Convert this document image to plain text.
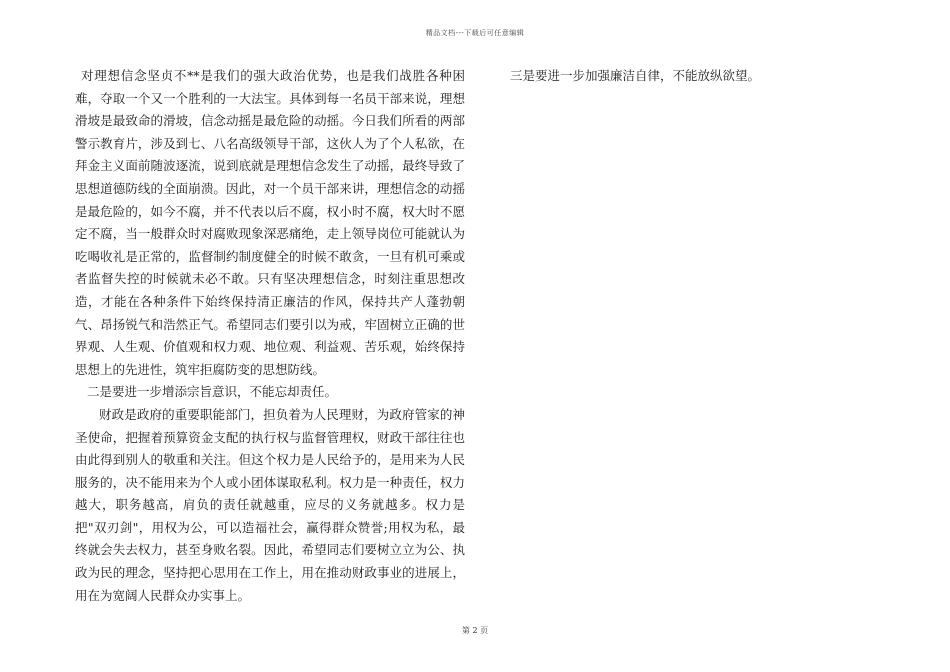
精品文档---下载后可任意编辑

对理想信念坚贞不**是我们的强大政治优势，也是我们战胜各种困难，夺取一个又一个胜利的一大法宝。具体到每一名员干部来说，理想滑坡是最致命的滑坡，信念动摇是最危险的动摇。今日我们所看的两部警示教育片，涉及到七、八名高级领导干部，这伙人为了个人私欲，在拜金主义面前随波逐流，说到底就是理想信念发生了动摇，最终导致了思想道德防线的全面崩溃。因此，对一个员干部来讲，理想信念的动摇是最危险的，如今不腐，并不代表以后不腐，权小时不腐，权大时不愿定不腐，当一般群众时对腐败现象深恶痛绝，走上领导岗位可能就认为吃喝收礼是正常的，监督制约制度健全的时候不敢贪，一旦有机可乘或者监督失控的时候就未必不敢。只有坚决理想信念，时刻注重思想改造，才能在各种条件下始终保持清正廉洁的作风，保持共产人蓬勃朝气、昂扬锐气和浩然正气。希望同志们要引以为戒，牢固树立正确的世界观、人生观、价值观和权力观、地位观、利益观、苦乐观，始终保持思想上的先进性，筑牢拒腐防变的思想防线。

二是要进一步增添宗旨意识，不能忘却责任。

财政是政府的重要职能部门，担负着为人民理财，为政府管家的神圣使命，把握着预算资金支配的执行权与监督管理权，财政干部往往也由此得到别人的敬重和关注。但这个权力是人民给予的，是用来为人民服务的，决不能用来为个人或小团体谋取私利。权力是一种责任，权力越大，职务越高，肩负的责任就越重，应尽的义务就越多。权力是把"双刃剑"，用权为公，可以造福社会，赢得群众赞誉;用权为私，最终就会失去权力，甚至身败名裂。因此，希望同志们要树立立为公、执政为民的理念，坚持把心思用在工作上，用在推动财政事业的进展上，用在为宽阔人民群众办实事上。

三是要进一步加强廉洁自律，不能放纵欲望。

第 2 页
